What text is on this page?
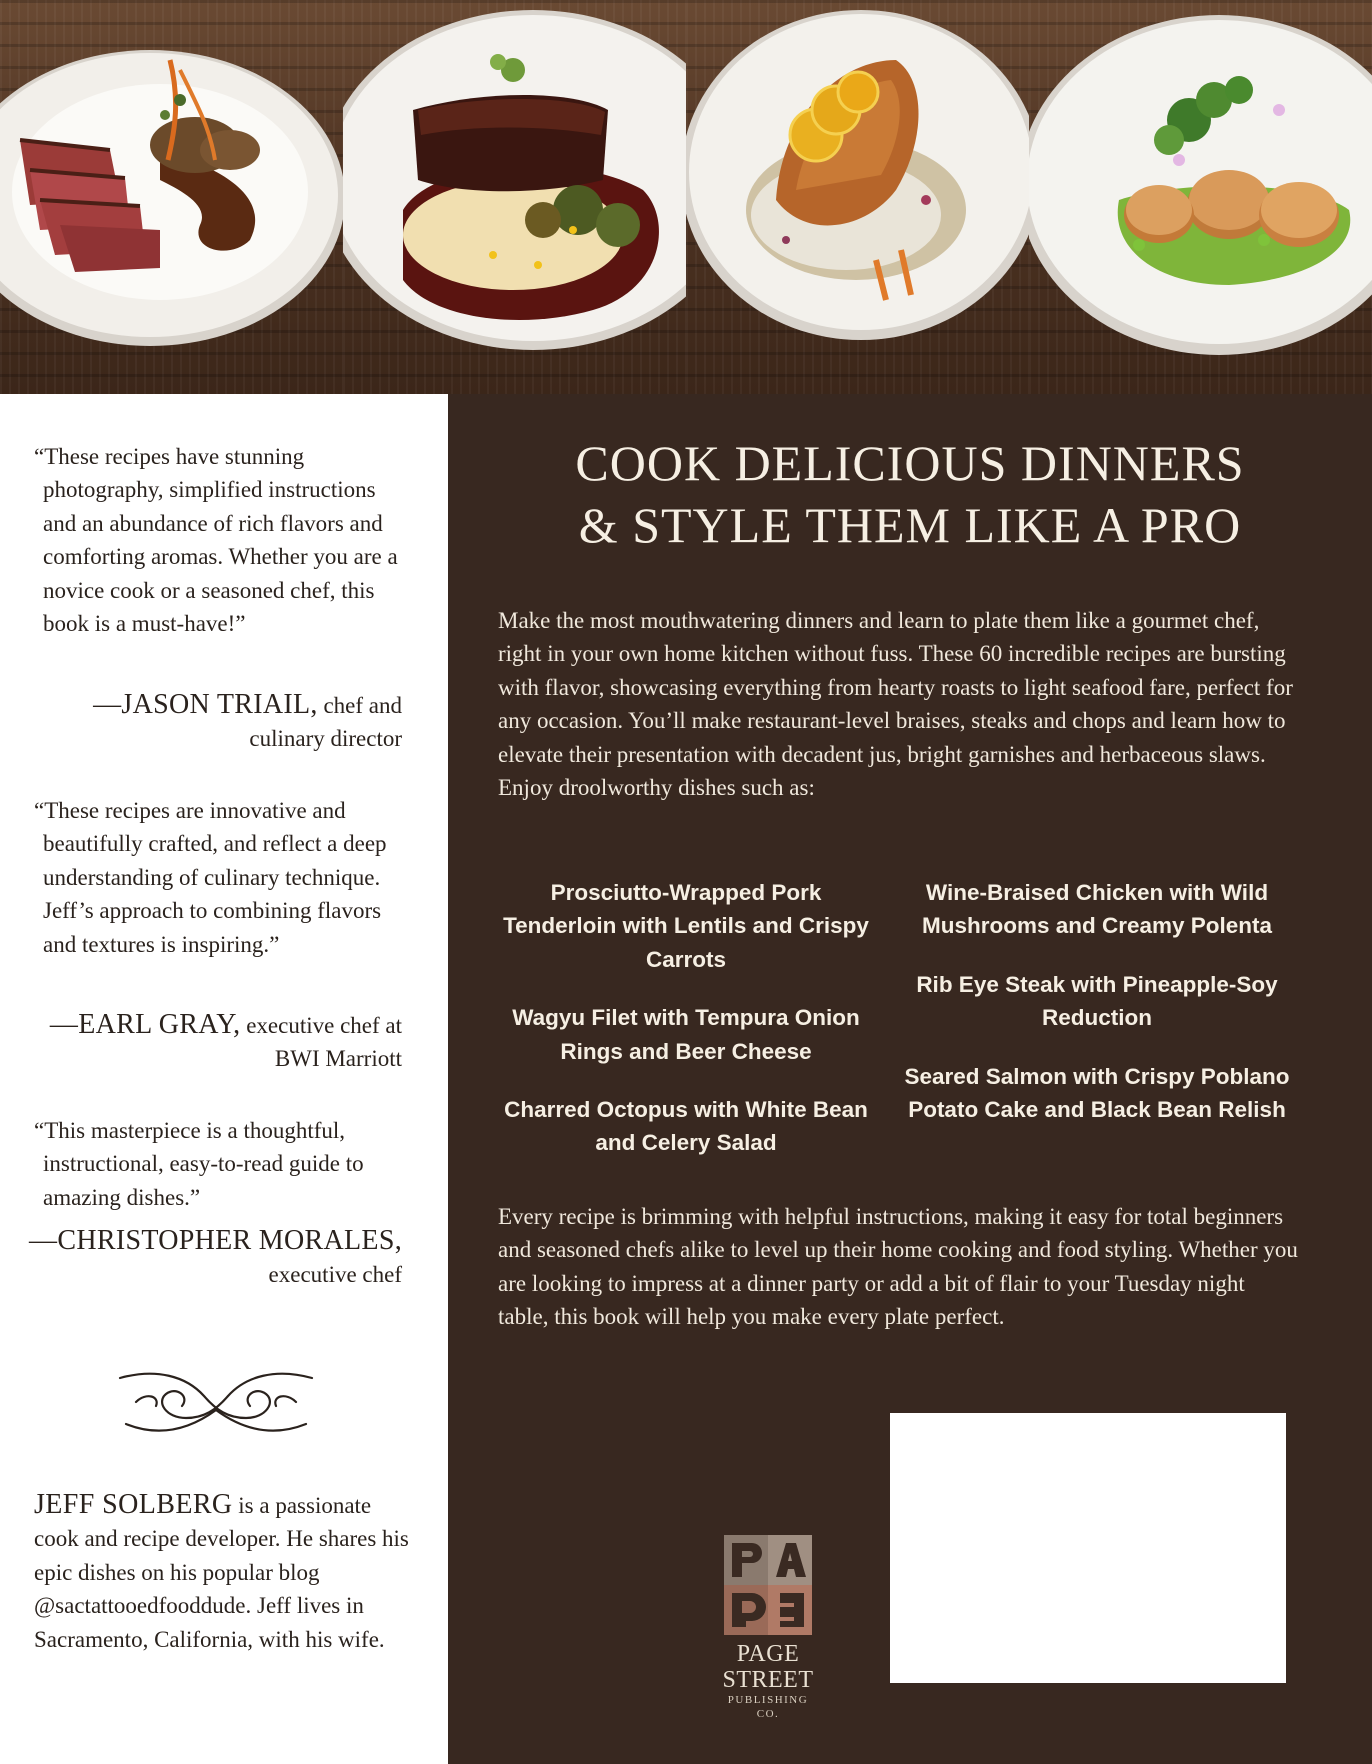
“These recipes have stunning photography, simplified instructions and an abundance of rich flavors and comforting aromas. Whether you are a novice cook or a seasoned chef, this book is a must-have!”

—JASON TRIAIL, chef and culinary director

“These recipes are innovative and beautifully crafted, and reflect a deep understanding of culinary technique. Jeff’s approach to combining flavors and textures is inspiring.”

—EARL GRAY, executive chef at BWI Marriott

“This masterpiece is a thoughtful, instructional, easy-to-read guide to amazing dishes.”

—CHRISTOPHER MORALES, executive chef
JEFF SOLBERG is a passionate cook and recipe developer. He shares his epic dishes on his popular blog @sactattooedfooddude. Jeff lives in Sacramento, California, with his wife.
COOK DELICIOUS DINNERS
& STYLE THEM LIKE A PRO

Make the most mouthwatering dinners and learn to plate them like a gourmet chef, right in your own home kitchen without fuss. These 60 incredible recipes are bursting with flavor, showcasing everything from hearty roasts to light seafood fare, perfect for any occasion. You’ll make restaurant-level braises, steaks and chops and learn how to elevate their presentation with decadent jus, bright garnishes and herbaceous slaws. Enjoy droolworthy dishes such as:

Prosciutto-Wrapped Pork Tenderloin with Lentils and Crispy Carrots
Wagyu Filet with Tempura Onion Rings and Beer Cheese
Charred Octopus with White Bean and Celery Salad
Wine-Braised Chicken with Wild Mushrooms and Creamy Polenta
Rib Eye Steak with Pineapple-Soy Reduction
Seared Salmon with Crispy Poblano Potato Cake and Black Bean Relish

Every recipe is brimming with helpful instructions, making it easy for total beginners and seasoned chefs alike to level up their home cooking and food styling. Whether you are looking to impress at a dinner party or add a bit of flair to your Tuesday night table, this book will help you make every plate perfect.

PAGE STREET
PUBLISHING CO.
